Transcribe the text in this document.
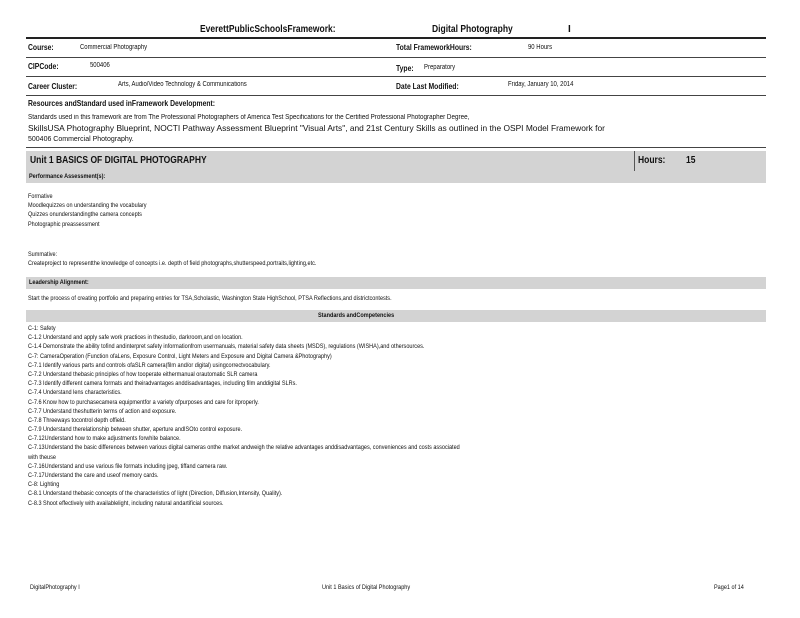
EverettPublicSchoolsFramework:	Digital Photography	I
Course:	Commercial Photography	Total FrameworkHours:	90 Hours
CIPCode:	500406	Type: Preparatory
Career Cluster:	Arts, Audio/Video Technology & Communications	Date Last Modified:	Friday, January 10, 2014
Resources andStandard used inFramework Development:
Standards used in this framework are from The Professional Photographers of America Test Specifications for the Certified Professional Photographer Degree,
SkillsUSA Photography Blueprint, NOCTI Pathway Assessment Blueprint "Visual Arts", and 21st Century Skills as outlined in the OSPI Model Framework for
500406 Commercial Photography.
Unit 1 BASICS OF DIGITAL PHOTOGRAPHY	Hours: 15
Performance Assessment(s):
Formative
Moodlequizzes on understanding the vocabulary
Quizzes onunderstandingthe camera concepts
Photographic preassessment
Summative:
Createproject to representthe knowledge of concepts i.e. depth of field photographs,shutterspeed,portraits,lighting,etc.
Leadership Alignment:
Start the process of creating portfolio and preparing entries for TSA,Scholastic, Washington State HighSchool, PTSA Reflections,and districtcontests.
Standards andCompetencies
C-1: Safety
C-1.2 Understand and apply safe work practices in thestudio, darkroom,and on location.
C-1.4 Demonstrate the ability tofind andinterpret safety informationfrom usermanuals, material safety data sheets (MSDS), regulations (WISHA),and othersources.
C-7: CameraOperation (Function ofaLens, Exposure Control, Light Meters and Exposure and Digital Camera &Photography)
C-7.1 Identify various parts and controls ofaSLR camera(film and/or digital) usingcorrectvocabulary.
C-7.2 Understand thebasic principles of how tooperate eithermanual orautomatic SLR camera
C-7.3 Identify different camera formats and theiradvantages anddisadvantages, including film anddigital SLRs.
C-7.4 Understand lens characteristics.
C-7.6 Know how to purchasecamera equipmentfor a variety ofpurposes and care for itproperly.
C-7.7 Understand theshutterin terms of action and exposure.
C-7.8 Threeways tocontrol depth offield.
C-7.9 Understand therelationship between shutter, aperture andISOto control exposure.
C-7.12Understand how to make adjustments forwhite balance.
C-7.13Understand the basic differences between various digital cameras onthe market andweigh the relative advantages anddisadvantages, conveniences and costs associated
with theuse
C-7.16Understand and use various file formats including jpeg, tiffand camera raw.
C-7.17Understand the care and useof memory cards.
C-8: Lighting
C-8.1 Understand thebasic concepts of the characteristics of light (Direction, Diffusion,Intensity, Quality).
C-8.3 Shoot effectively with availablelight, including natural andartificial sources.
DigitalPhotography I	Unit 1 Basics of Digital Photography	Page1 of 14
